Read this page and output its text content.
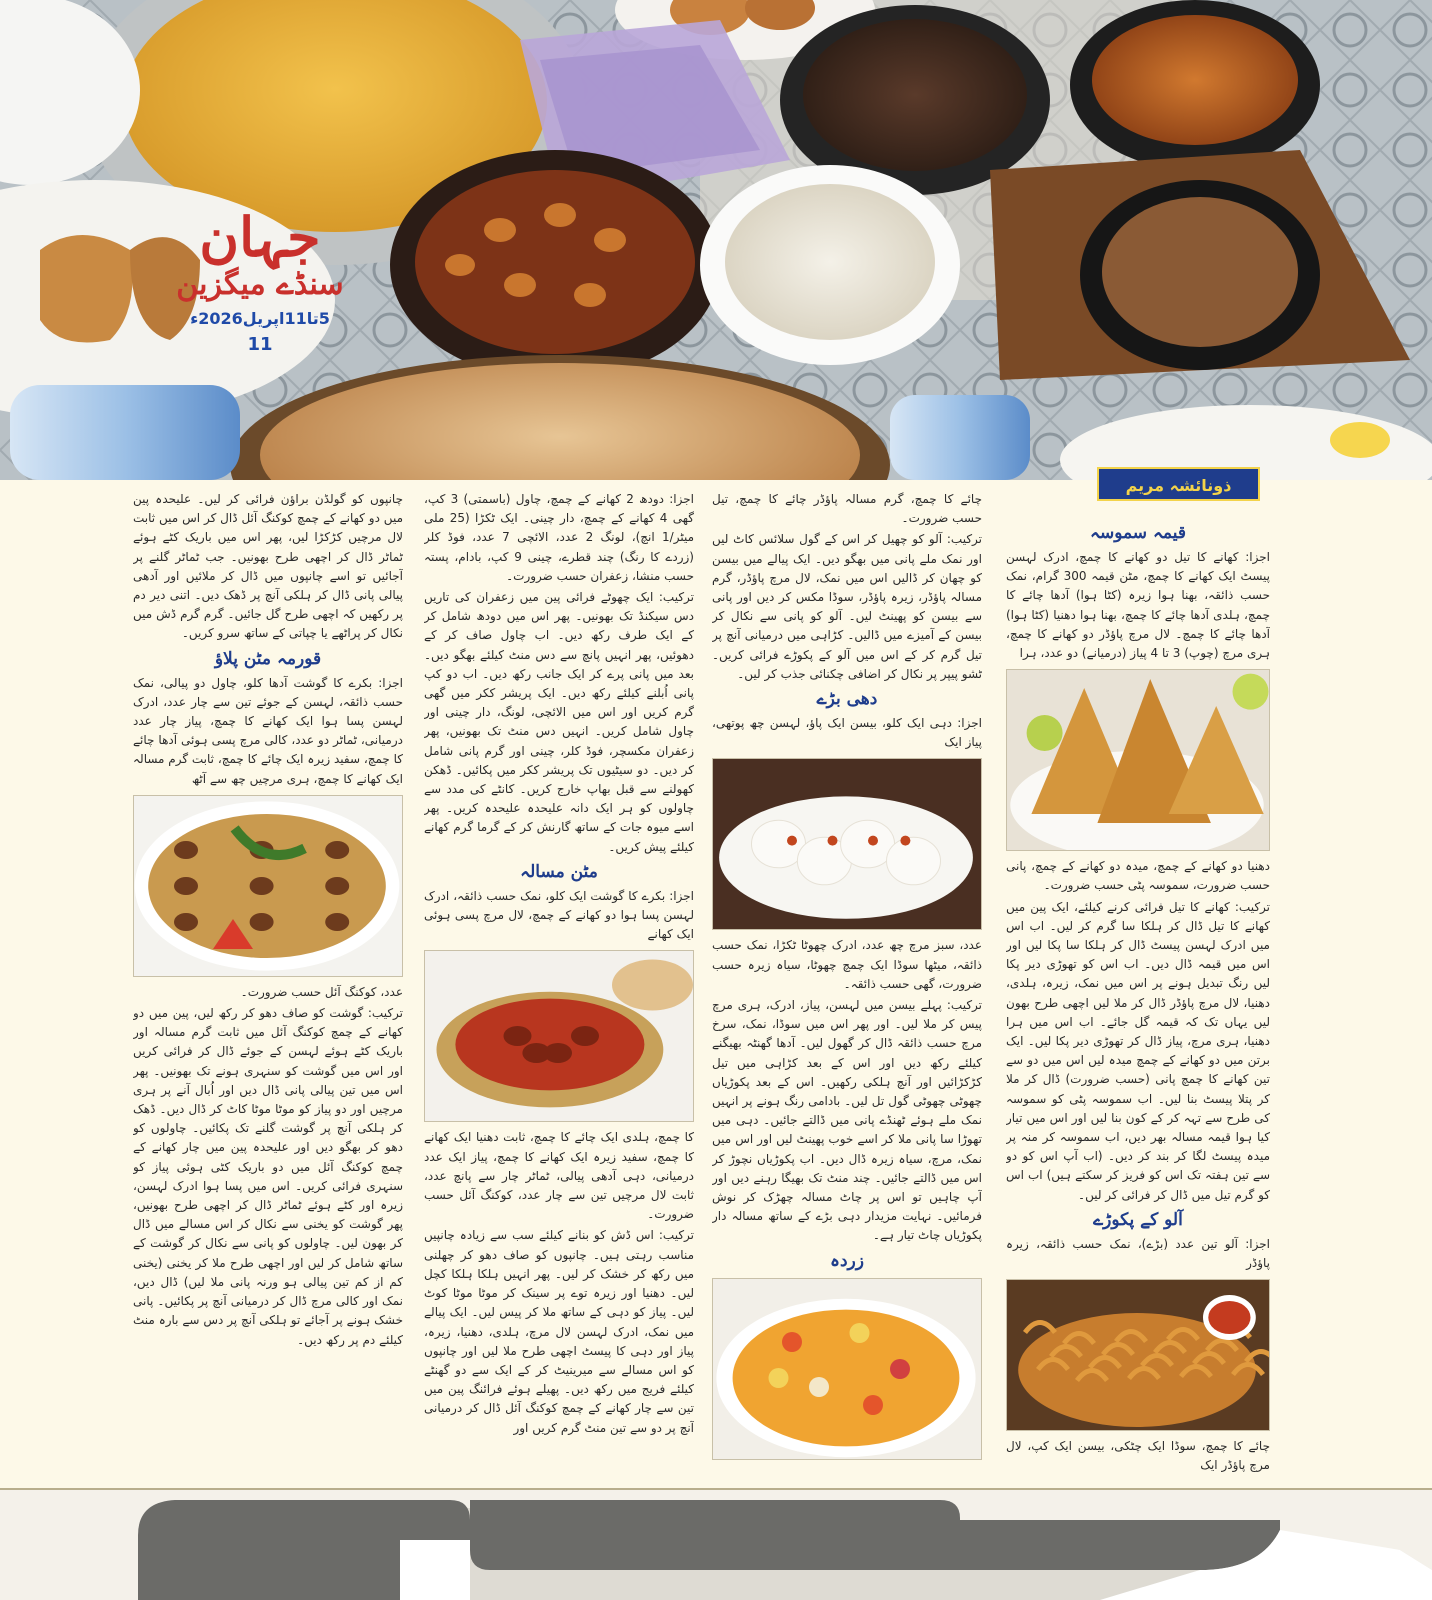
جہان
سنڈے میگزین
5تا11اپریل2026ء
11
ذونائشہ مریم
قیمہ سموسہ

اجزا: کھانے کا تیل دو کھانے کا چمچ، ادرک لہسن پیسٹ ایک کھانے کا چمچ، مٹن قیمہ 300 گرام، نمک حسب ذائقہ، بھنا ہوا زیرہ (کٹا ہوا) آدھا چائے کا چمچ، ہلدی آدھا چائے کا چمچ، بھنا ہوا دھنیا (کٹا ہوا) آدھا چائے کا چمچ۔ لال مرچ پاؤڈر دو کھانے کا چمچ، ہری مرچ (چوپ) 3 تا 4 پیاز (درمیانے) دو عدد، ہرا

دھنیا دو کھانے کے چمچ، میدہ دو کھانے کے چمچ، پانی حسب ضرورت، سموسہ پٹی حسب ضرورت۔

ترکیب: کھانے کا تیل فرائی کرنے کیلئے، ایک پین میں کھانے کا تیل ڈال کر ہلکا سا گرم کر لیں۔ اب اس میں ادرک لہسن پیسٹ ڈال کر ہلکا سا پکا لیں اور اس میں قیمہ ڈال دیں۔ اب اس کو تھوڑی دیر پکا لیں رنگ تبدیل ہونے پر اس میں نمک، زیرہ، ہلدی، دھنیا، لال مرچ پاؤڈر ڈال کر ملا لیں اچھی طرح بھون لیں یہاں تک کہ قیمہ گل جائے۔ اب اس میں ہرا دھنیا، ہری مرچ، پیاز ڈال کر تھوڑی دیر پکا لیں۔ ایک برتن میں دو کھانے کے چمچ میدہ لیں اس میں دو سے تین کھانے کا چمچ پانی (حسب ضرورت) ڈال کر ملا کر پتلا پیسٹ بنا لیں۔ اب سموسہ پٹی کو سموسہ کی طرح سے تہہ کر کے کون بنا لیں اور اس میں تیار کیا ہوا قیمہ مسالہ بھر دیں، اب سموسہ کر منہ پر میدہ پیسٹ لگا کر بند کر دیں۔ (اب آپ اس کو دو سے تین ہفتہ تک اس کو فریز کر سکتے ہیں) اب اس کو گرم تیل میں ڈال کر فرائی کر لیں۔

آلو کے پکوڑے

اجزا: آلو تین عدد (بڑے)، نمک حسب ذائقہ، زیرہ پاؤڈر

چائے کا چمچ، سوڈا ایک چٹکی، بیسن ایک کپ، لال مرچ پاؤڈر ایک

چائے کا چمچ، گرم مسالہ پاؤڈر چائے کا چمچ، تیل حسب ضرورت۔

ترکیب: آلو کو چھیل کر اس کے گول سلائس کاٹ لیں اور نمک ملے پانی میں بھگو دیں۔ ایک پیالے میں بیسن کو چھان کر ڈالیں اس میں نمک، لال مرچ پاؤڈر، گرم مسالہ پاؤڈر، زیرہ پاؤڈر، سوڈا مکس کر دیں اور پانی سے بیسن کو پھینٹ لیں۔ آلو کو پانی سے نکال کر بیسن کے آمیزے میں ڈالیں۔ کڑاہی میں درمیانی آنچ پر تیل گرم کر کے اس میں آلو کے پکوڑے فرائی کریں۔ ٹشو پیپر پر نکال کر اضافی چکنائی جذب کر لیں۔

دھی بڑے

اجزا: دہی ایک کلو، بیسن ایک پاؤ، لہسن چھ پوتھی، پیاز ایک

عدد، سبز مرچ چھ عدد، ادرک چھوٹا ٹکڑا، نمک حسب ذائقہ، میٹھا سوڈا ایک چمچ چھوٹا، سیاہ زیرہ حسب ضرورت، گھی حسب ذائقہ۔

ترکیب: پہلے بیسن میں لہسن، پیاز، ادرک، ہری مرچ پیس کر ملا لیں۔ اور پھر اس میں سوڈا، نمک، سرخ مرچ حسب ذائقہ ڈال کر گھول لیں۔ آدھا گھنٹہ بھیگنے کیلئے رکھ دیں اور اس کے بعد کڑاہی میں تیل کڑکڑائیں اور آنچ ہلکی رکھیں۔ اس کے بعد پکوڑیاں چھوٹی چھوٹی گول تل لیں۔ بادامی رنگ ہونے پر انہیں نمک ملے ہوئے ٹھنڈے پانی میں ڈالتے جائیں۔ دہی میں تھوڑا سا پانی ملا کر اسے خوب پھینٹ لیں اور اس میں نمک، مرچ، سیاہ زیرہ ڈال دیں۔ اب پکوڑیاں نچوڑ کر اس میں ڈالتے جائیں۔ چند منٹ تک بھیگا رہنے دیں اور آپ چاہیں تو اس پر چاٹ مسالہ چھڑک کر نوش فرمائیں۔ نہایت مزیدار دہی بڑے کے ساتھ مسالہ دار پکوڑیاں چاٹ تیار ہے۔

زردہ

اجزا: دودھ 2 کھانے کے چمچ، چاول (باسمتی) 3 کپ، گھی 4 کھانے کے چمچ، دار چینی۔ ایک ٹکڑا (25 ملی میٹر/1 انچ)، لونگ 2 عدد، الائچی 7 عدد، فوڈ کلر (زردے کا رنگ) چند قطرے، چینی 9 کپ، بادام، پستہ حسب منشا، زعفران حسب ضرورت۔

ترکیب: ایک چھوٹے فرائی پین میں زعفران کی تاریں دس سیکنڈ تک بھونیں۔ پھر اس میں دودھ شامل کر کے ایک طرف رکھ دیں۔ اب چاول صاف کر کے دھوئیں، پھر انہیں پانچ سے دس منٹ کیلئے بھگو دیں۔ بعد میں پانی پرے کر ایک جانب رکھ دیں۔ اب دو کپ پانی اُبلنے کیلئے رکھ دیں۔ ایک پریشر ککر میں گھی گرم کریں اور اس میں الائچی، لونگ، دار چینی اور چاول شامل کریں۔ انہیں دس منٹ تک بھونیں، پھر زعفران مکسچر، فوڈ کلر، چینی اور گرم پانی شامل کر دیں۔ دو سیٹیوں تک پریشر ککر میں پکائیں۔ ڈھکن کھولنے سے قبل بھاپ خارج کریں۔ کانٹے کی مدد سے چاولوں کو ہر ایک دانہ علیحدہ علیحدہ کریں۔ پھر اسے میوہ جات کے ساتھ گارنش کر کے گرما گرم کھانے کیلئے پیش کریں۔

مٹن مسالہ

اجزا: بکرے کا گوشت ایک کلو، نمک حسب ذائقہ، ادرک لہسن پسا ہوا دو کھانے کے چمچ، لال مرچ پسی ہوئی ایک کھانے

کا چمچ، ہلدی ایک چائے کا چمچ، ثابت دھنیا ایک کھانے کا چمچ، سفید زیرہ ایک کھانے کا چمچ، پیاز ایک عدد درمیانی، دہی آدھی پیالی، ٹماٹر چار سے پانچ عدد، ثابت لال مرچیں تین سے چار عدد، کوکنگ آئل حسب ضرورت۔

ترکیب: اس ڈش کو بنانے کیلئے سب سے زیادہ چانپیں مناسب رہتی ہیں۔ چانپوں کو صاف دھو کر چھلنی میں رکھ کر خشک کر لیں۔ پھر انہیں ہلکا ہلکا کچل لیں۔ دھنیا اور زیرہ توے پر سینک کر موٹا موٹا کوٹ لیں۔ پیاز کو دہی کے ساتھ ملا کر پیس لیں۔ ایک پیالے میں نمک، ادرک لہسن لال مرچ، ہلدی، دھنیا، زیرہ، پیاز اور دہی کا پیسٹ اچھی طرح ملا لیں اور چانپوں کو اس مسالے سے میرینیٹ کر کے ایک سے دو گھنٹے کیلئے فریج میں رکھ دیں۔ پھیلے ہوئے فرائنگ پین میں تین سے چار کھانے کے چمچ کوکنگ آئل ڈال کر درمیانی آنچ پر دو سے تین منٹ گرم کریں اور

چانپوں کو گولڈن براؤن فرائی کر لیں۔ علیحدہ پین میں دو کھانے کے چمچ کوکنگ آئل ڈال کر اس میں ثابت لال مرچیں کڑکڑا لیں، پھر اس میں باریک کٹے ہوئے ٹماٹر ڈال کر اچھی طرح بھونیں۔ جب ٹماٹر گلنے پر آجائیں تو اسے چانپوں میں ڈال کر ملائیں اور آدھی پیالی پانی ڈال کر ہلکی آنچ پر ڈھک دیں۔ اتنی دیر دم پر رکھیں کہ اچھی طرح گل جائیں۔ گرم گرم ڈش میں نکال کر پراٹھے یا چپاتی کے ساتھ سرو کریں۔

قورمہ مٹن پلاؤ

اجزا: بکرے کا گوشت آدھا کلو، چاول دو پیالی، نمک حسب ذائقہ، لہسن کے جوئے تین سے چار عدد، ادرک لہسن پسا ہوا ایک کھانے کا چمچ، پیاز چار عدد درمیانی، ٹماٹر دو عدد، کالی مرچ پسی ہوئی آدھا چائے کا چمچ، سفید زیرہ ایک چائے کا چمچ، ثابت گرم مسالہ ایک کھانے کا چمچ، ہری مرچیں چھ سے آٹھ

عدد، کوکنگ آئل حسب ضرورت۔

ترکیب: گوشت کو صاف دھو کر رکھ لیں، پین میں دو کھانے کے چمچ کوکنگ آئل میں ثابت گرم مسالہ اور باریک کٹے ہوئے لہسن کے جوئے ڈال کر فرائی کریں اور اس میں گوشت کو سنہری ہونے تک بھونیں۔ پھر اس میں تین پیالی پانی ڈال دیں اور اُبال آنے پر ہری مرچیں اور دو پیاز کو موٹا موٹا کاٹ کر ڈال دیں۔ ڈھک کر ہلکی آنچ پر گوشت گلنے تک پکائیں۔ چاولوں کو دھو کر بھگو دیں اور علیحدہ پین میں چار کھانے کے چمچ کوکنگ آئل میں دو باریک کٹی ہوئی پیاز کو سنہری فرائی کریں۔ اس میں پسا ہوا ادرک لہسن، زیرہ اور کٹے ہوئے ٹماٹر ڈال کر اچھی طرح بھونیں، پھر گوشت کو یخنی سے نکال کر اس مسالے میں ڈال کر بھون لیں۔ چاولوں کو پانی سے نکال کر گوشت کے ساتھ شامل کر لیں اور اچھی طرح ملا کر یخنی (یخنی کم از کم تین پیالی ہو ورنہ پانی ملا لیں) ڈال دیں، نمک اور کالی مرچ ڈال کر درمیانی آنچ پر پکائیں۔ پانی خشک ہونے پر آجائے تو ہلکی آنچ پر دس سے بارہ منٹ کیلئے دم پر رکھ دیں۔
